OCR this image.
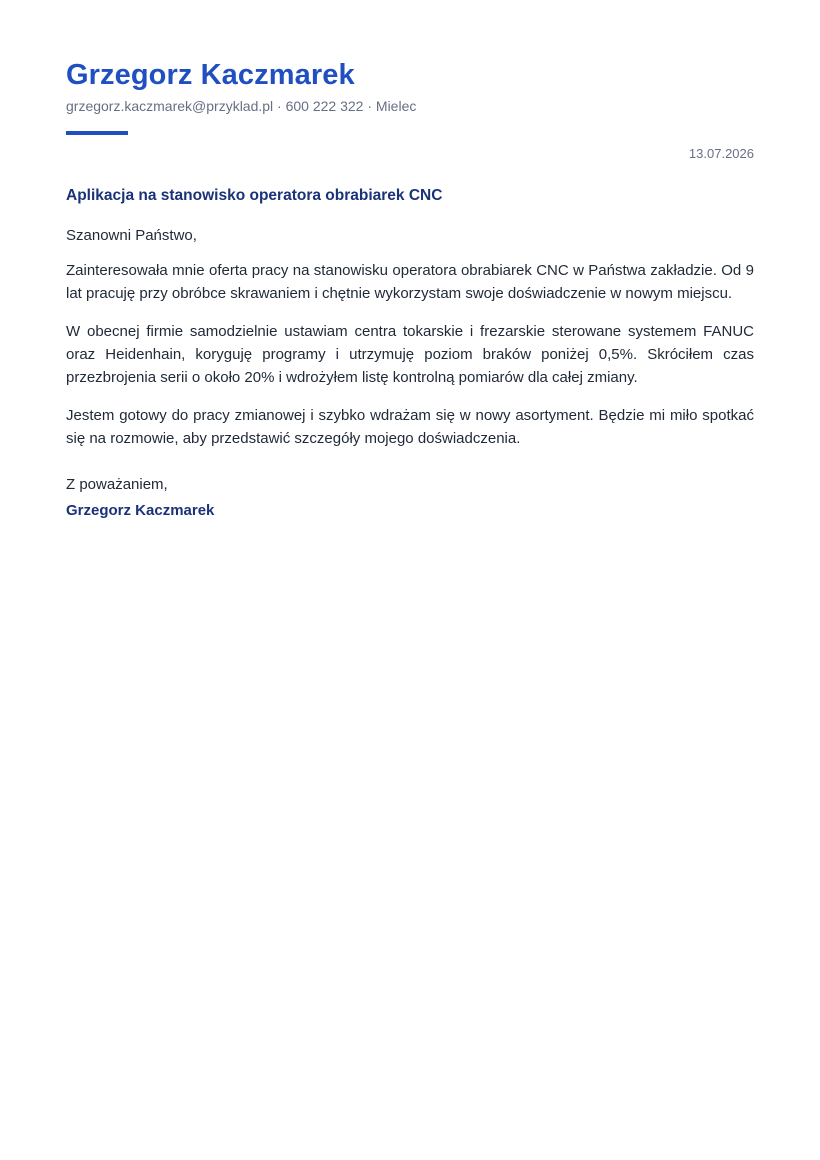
Grzegorz Kaczmarek
grzegorz.kaczmarek@przyklad.pl · 600 222 322 · Mielec
13.07.2026
Aplikacja na stanowisko operatora obrabiarek CNC
Szanowni Państwo,

Zainteresowała mnie oferta pracy na stanowisku operatora obrabiarek CNC w Państwa zakładzie. Od 9 lat pracuję przy obróbce skrawaniem i chętnie wykorzystam swoje doświadczenie w nowym miejscu.

W obecnej firmie samodzielnie ustawiam centra tokarskie i frezarskie sterowane systemem FANUC oraz Heidenhain, koryguję programy i utrzymuję poziom braków poniżej 0,5%. Skróciłem czas przezbrojenia serii o około 20% i wdrożyłem listę kontrolną pomiarów dla całej zmiany.

Jestem gotowy do pracy zmianowej i szybko wdrażam się w nowy asortyment. Będzie mi miło spotkać się na rozmowie, aby przedstawić szczegóły mojego doświadczenia.

Z poważaniem,
Grzegorz Kaczmarek
